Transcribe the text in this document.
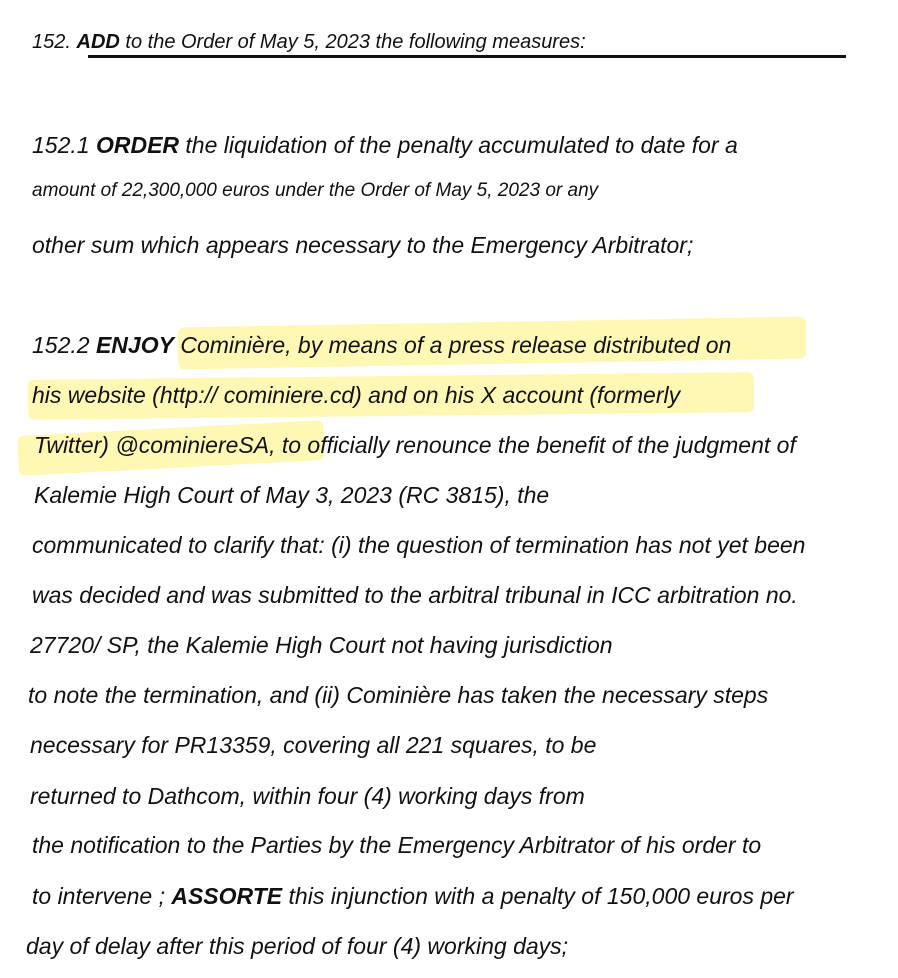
152. ADD to the Order of May 5, 2023 the following measures:
152.1 ORDER the liquidation of the penalty accumulated to date for a
amount of 22,300,000 euros under the Order of May 5, 2023 or any
other sum which appears necessary to the Emergency Arbitrator;
152.2 ENJOY Cominière, by means of a press release distributed on
his website (http:// cominiere.cd) and on his X account (formerly
Twitter) @cominiereSA, to officially renounce the benefit of the judgment of
Kalemie High Court of May 3, 2023 (RC 3815), the
communicated to clarify that: (i) the question of termination has not yet been
was decided and was submitted to the arbitral tribunal in ICC arbitration no.
27720/ SP, the Kalemie High Court not having jurisdiction
to note the termination, and (ii) Cominière has taken the necessary steps
necessary for PR13359, covering all 221 squares, to be
returned to Dathcom, within four (4) working days from
the notification to the Parties by the Emergency Arbitrator of his order to
to intervene ; ASSORTE this injunction with a penalty of 150,000 euros per
day of delay after this period of four (4) working days;
